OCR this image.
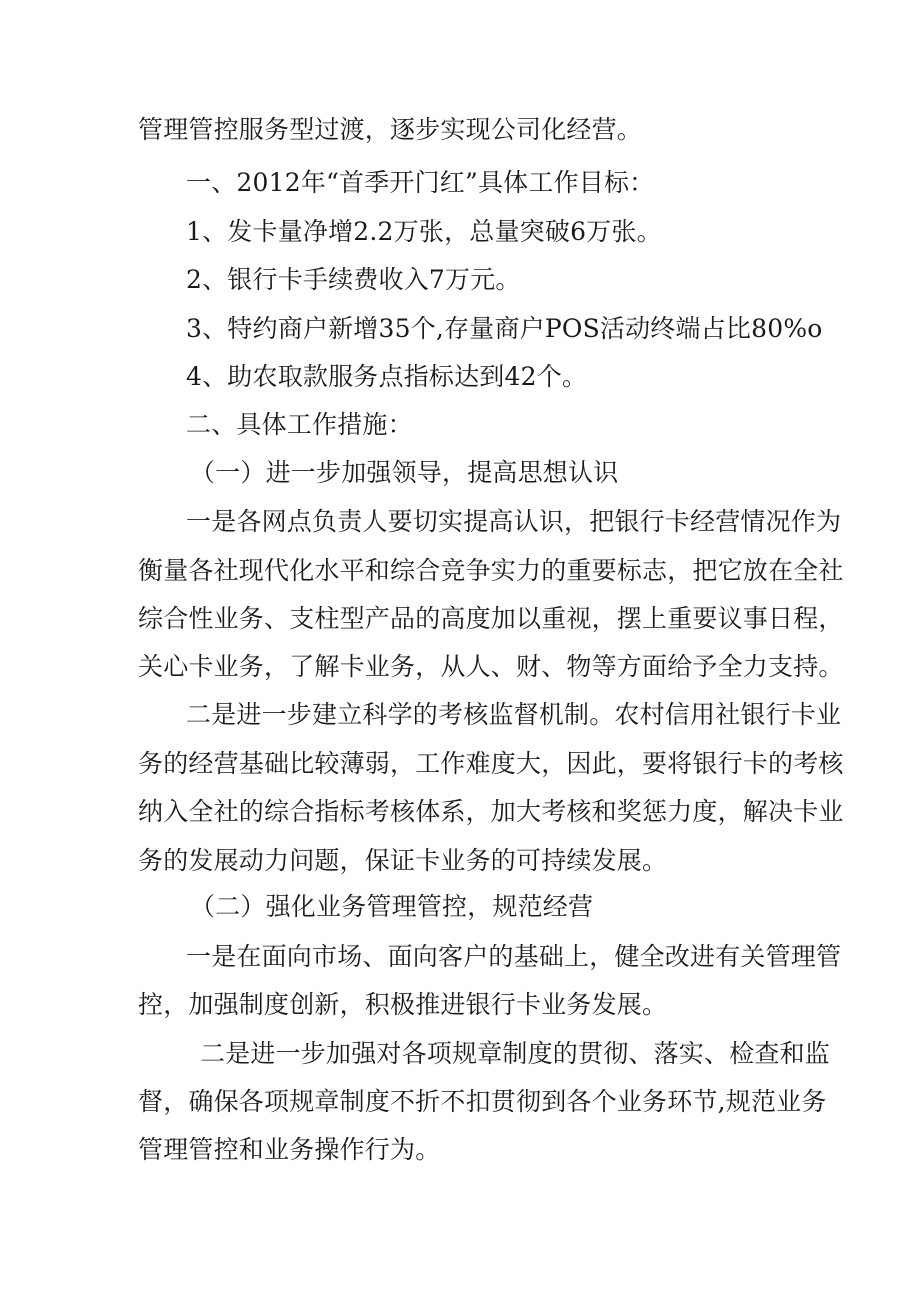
管理管控服务型过渡，逐步实现公司化经营。
一、2012年“首季开门红”具体工作目标：
1、发卡量净增2.2万张，总量突破6万张。
2、银行卡手续费收入7万元。
3、特约商户新增35个,存量商户POS活动终端占比80%o
4、助农取款服务点指标达到42个。
二、具体工作措施：
（一）进一步加强领导，提高思想认识
一是各网点负责人要切实提高认识，把银行卡经营情况作为
衡量各社现代化水平和综合竞争实力的重要标志，把它放在全社
综合性业务、支柱型产品的高度加以重视，摆上重要议事日程，
关心卡业务，了解卡业务，从人、财、物等方面给予全力支持。
二是进一步建立科学的考核监督机制。农村信用社银行卡业
务的经营基础比较薄弱，工作难度大，因此，要将银行卡的考核
纳入全社的综合指标考核体系，加大考核和奖惩力度，解决卡业
务的发展动力问题，保证卡业务的可持续发展。
（二）强化业务管理管控，规范经营
一是在面向市场、面向客户的基础上，健全改进有关管理管
控，加强制度创新，积极推进银行卡业务发展。
二是进一步加强对各项规章制度的贯彻、落实、检查和监
督，确保各项规章制度不折不扣贯彻到各个业务环节,规范业务
管理管控和业务操作行为。
